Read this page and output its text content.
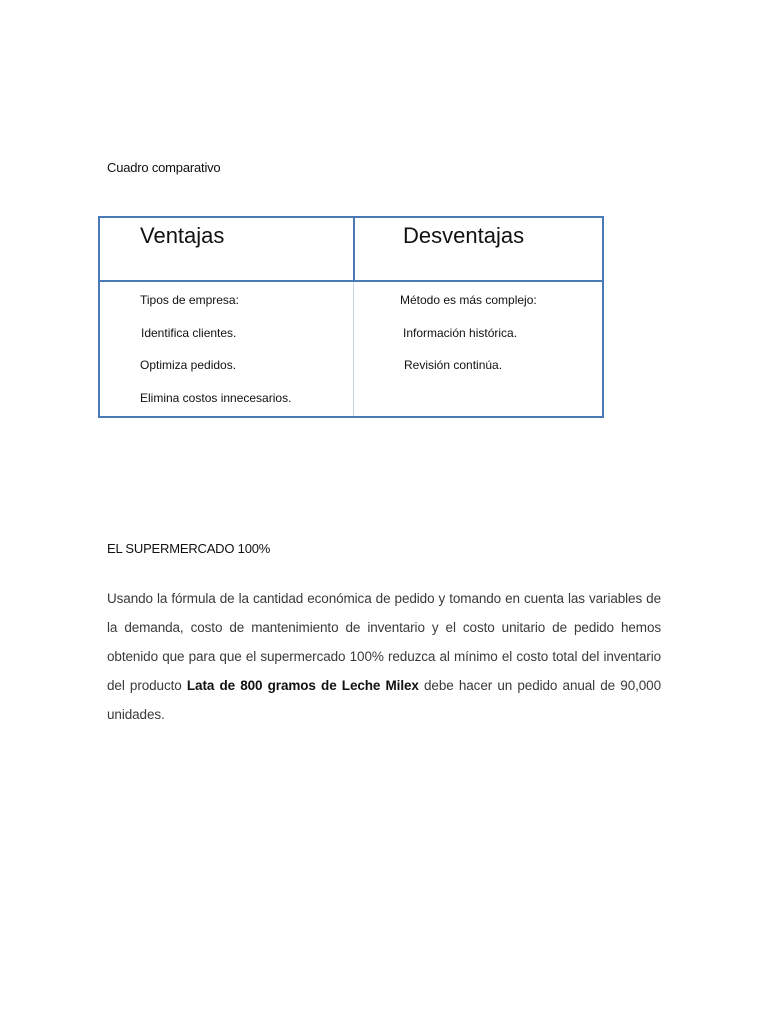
Cuadro comparativo
Ventajas	Desventajas
Tipos de empresa:
Identifica clientes.
Optimiza pedidos.
Elimina costos innecesarios.
Método es más complejo:
Información histórica.
Revisión continúa.
EL SUPERMERCADO 100%

Usando la fórmula de la cantidad económica de pedido y tomando en cuenta las variables de la demanda, costo de mantenimiento de inventario y el costo unitario de pedido hemos obtenido que para que el supermercado 100% reduzca al mínimo el costo total del inventario del producto Lata de 800 gramos de Leche Milex debe hacer un pedido anual de 90,000 unidades.
